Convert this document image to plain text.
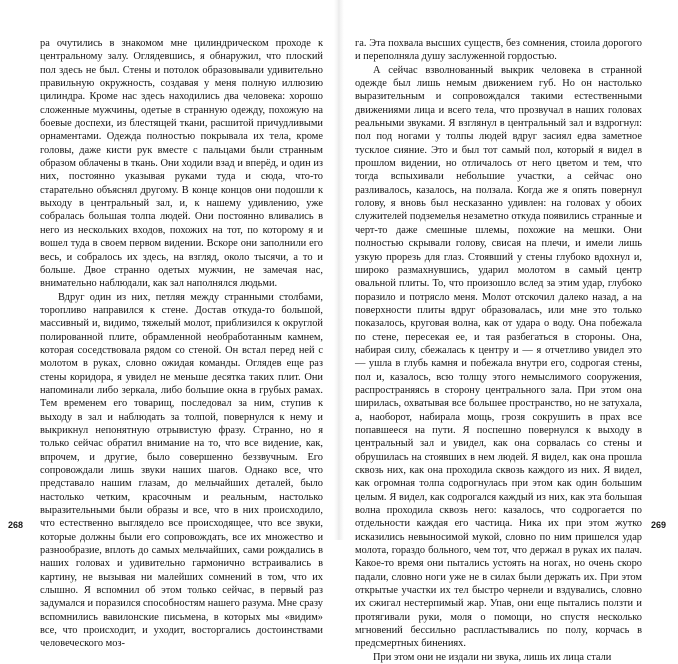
ра очутились в знакомом мне цилиндрическом проходе к центральному залу. Оглядевшись, я обнаружил, что плоский пол здесь не был. Стены и потолок образовывали удивительно правильную окружность, создавая у меня полную иллюзию цилиндра. Кроме нас здесь находились два человека: хорошо сложенные мужчины, одетые в странную одежду, похожую на боевые доспехи, из блестящей ткани, расшитой причудливыми орнаментами. Одежда полностью покрывала их тела, кроме головы, даже кисти рук вместе с пальцами были странным образом облачены в ткань. Они ходили взад и вперёд, и один из них, постоянно указывая руками туда и сюда, что-то старательно объяснял другому. В конце концов они подошли к выходу в центральный зал, и, к нашему удивлению, уже собралась большая толпа людей. Они постоянно вливались в него из нескольких входов, похожих на тот, по которому я и вошел туда в своем первом видении. Вскоре они заполнили его весь, и собралось их здесь, на взгляд, около тысячи, а то и больше. Двое странно одетых мужчин, не замечая нас, внимательно наблюдали, как зал наполнялся людьми.

Вдруг один из них, петляя между странными столбами, торопливо направился к стене. Достав откуда-то большой, массивный и, видимо, тяжелый молот, приблизился к округлой полированной плите, обрамленной необработанным камнем, которая соседствовала рядом со стеной. Он встал перед ней с молотом в руках, словно ожидая команды. Оглядев еще раз стены коридора, я увидел не меньше десятка таких плит. Они напоминали либо зеркала, либо большие окна в грубых рамах. Тем временем его товарищ, последовал за ним, ступив к выходу в зал и наблюдать за толпой, повернулся к нему и выкрикнул непонятную отрывистую фразу. Странно, но я только сейчас обратил внимание на то, что все видение, как, впрочем, и другие, было совершенно беззвучным. Его сопровождали лишь звуки наших шагов. Однако все, что представало нашим глазам, до мельчайших деталей, было настолько четким, красочным и реальным, настолько выразительными были образы и все, что в них происходило, что естественно выглядело все происходящее, что все звуки, которые должны были его сопровождать, все их множество и разнообразие, вплоть до самых мельчайших, сами рождались в наших головах и удивительно гармонично встраивались в картину, не вызывая ни малейших сомнений в том, что их слышно. Я вспомнил об этом только сейчас, в первый раз задумался и поразился способностям нашего разума. Мне сразу вспомнились вавилонские письмена, в которых мы «видим» все, что происходит, и уходит, восторгались достоинствами человеческого моз-

268

га. Эта похвала высших существ, без сомнения, стоила дорогого и переполняла душу заслуженной гордостью.

А сейчас взволнованный выкрик человека в странной одежде был лишь немым движением губ. Но он настолько выразительным и сопровождался такими естественными движениями лица и всего тела, что прозвучал в наших головах реальными звуками. Я взглянул в центральный зал и вздрогнул: пол под ногами у толпы людей вдруг засиял едва заметное тусклое сияние. Это и был тот самый пол, который я видел в прошлом видении, но отличалось от него цветом и тем, что тогда вспыхивали небольшие участки, а сейчас оно разливалось, казалось, на ползала. Когда же я опять повернул голову, я вновь был несказанно удивлен: на головах у обоих служителей подземелья незаметно откуда появились странные и черт-то даже смешные шлемы, похожие на мешки. Они полностью скрывали голову, свисая на плечи, и имели лишь узкую прорезь для глаз. Стоявший у стены глубоко вдохнул и, широко размахнувшись, ударил молотом в самый центр овальной плиты. То, что произошло вслед за этим удар, глубоко поразило и потрясло меня. Молот отскочил далеко назад, а на поверхности плиты вдруг образовалась, или мне это только показалось, круговая волна, как от удара о воду. Она побежала по стене, пересекая ее, и тая разбегаться в стороны. Она, набирая силу, сбежалась к центру и — я отчетливо увидел это — ушла в глубь камня и побежала внутри его, содрогая стены, пол и, казалось, всю толщу этого немыслимого сооружения, распространяясь в сторону центрального зала. При этом она ширилась, охватывая все большее пространство, но не затухала, а, наоборот, набирала мощь, грозя сокрушить в прах все попавшееся на пути. Я поспешно повернулся к выходу в центральный зал и увидел, как она сорвалась со стены и обрушилась на стоявших в нем людей. Я видел, как она прошла сквозь них, как она проходила сквозь каждого из них. Я видел, как огромная толпа содрогнулась при этом как один большим целым. Я видел, как содрогался каждый из них, как эта большая волна проходила сквозь него: казалось, что содрогается по отдельности каждая его частица. Ника их при этом жутко исказились невыносимой мукой, словно по ним пришелся удар молота, гораздо больного, чем тот, что держал в руках их палач. Какое-то время они пытались устоять на ногах, но очень скоро падали, словно ноги уже не в силах были держать их. При этом открытые участки их тел быстро чернели и вздувались, словно их сжигал нестерпимый жар. Упав, они еще пытались ползти и протягивали руки, моля о помощи, но спустя несколько мгновений бессильно распластывались по полу, корчась в предсмертных бинениях.

При этом они не издали ни звука, лишь их лица стали

269
